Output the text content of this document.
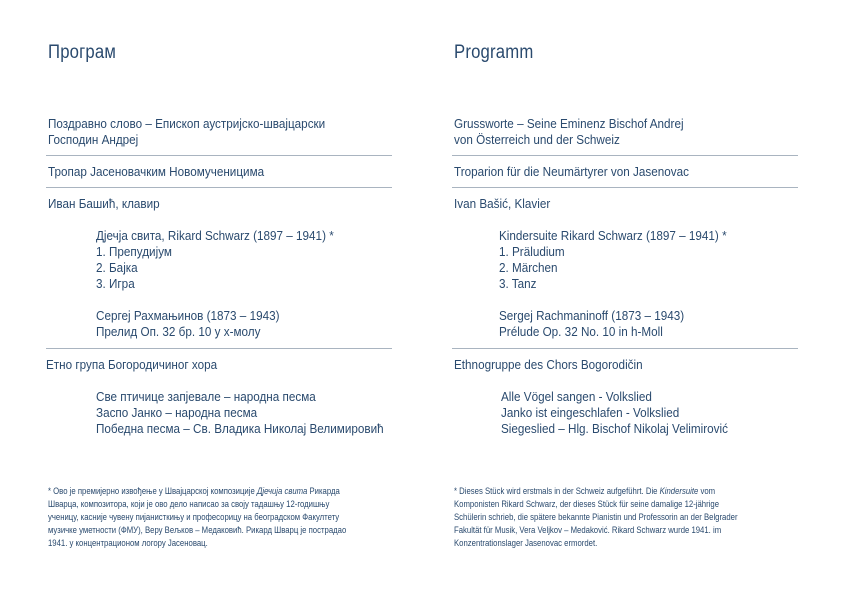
Програм
Поздравно слово – Епископ аустријско-швајцарски
Господин Андреј
Тропар Јасеновачким Новомученицима
Иван Башић, клавир
Дјечја свита, Rikard Schwarz (1897 – 1941) *
1. Препудијум
2. Бајка
3. Игра
Сергеј Рахмањинов (1873 – 1943)
Прелид Оп. 32 бр. 10 у х-молу
Етно група Богородичиног хора
Све птичице запјевале – народна песма
Заспо Јанко – народна песма
Победна песма – Св. Владика Николај Велимировић
* Ово је премијерно извођење у Швајцарској композиције Дјечија свита Рикарда
Шварца, композитора, који је ово дело написао за своју тадашњу 12-годишњу
ученицу, касније чувену пијанисткињу и професорицу на београдском Факултету
музичке уметности (ФМУ), Веру Вељков – Медаковић. Рикард Шварц је пострадао
1941. у концентрационом логору Јасеновац.
Programm
Grussworte – Seine Eminenz Bischof Andrej
von Österreich und der Schweiz
Troparion für die Neumärtyrer von Jasenovac
Ivan Bašić, Klavier
Kindersuite Rikard Schwarz (1897 – 1941) *
1. Präludium
2. Märchen
3. Tanz
Sergej Rachmaninoff (1873 – 1943)
Prélude Op. 32 No. 10 in h-Moll
Ethnogruppe des Chors Bogorodičin
Alle Vögel sangen - Volkslied
Janko ist eingeschlafen - Volkslied
Siegeslied – Hlg. Bischof Nikolaj Velimirović
* Dieses Stück wird erstmals in der Schweiz aufgeführt. Die Kindersuite vom
Komponisten Rikard Schwarz, der dieses Stück für seine damalige 12-jährige
Schülerin schrieb, die spätere bekannte Pianistin und Professorin an der Belgrader
Fakultät für Musik, Vera Veljkov – Medaković. Rikard Schwarz wurde 1941. im
Konzentrationslager Jasenovac ermordet.
